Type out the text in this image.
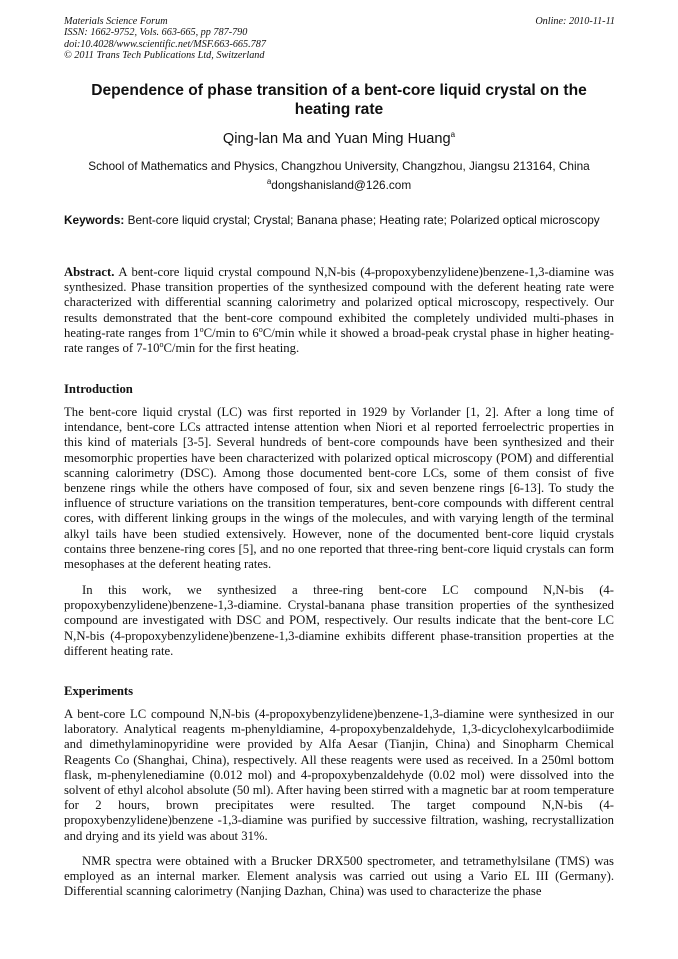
Materials Science Forum
ISSN: 1662-9752, Vols. 663-665, pp 787-790
doi:10.4028/www.scientific.net/MSF.663-665.787
© 2011 Trans Tech Publications Ltd, Switzerland
Online: 2010-11-11
Dependence of phase transition of a bent-core liquid crystal on the heating rate
Qing-lan Ma and Yuan Ming Huang$^a$
School of Mathematics and Physics, Changzhou University, Changzhou, Jiangsu 213164, China
$^a$dongshanisland@126.com
Keywords: Bent-core liquid crystal; Crystal; Banana phase; Heating rate; Polarized optical microscopy
Abstract. A bent-core liquid crystal compound N,N-bis (4-propoxybenzylidene)benzene-1,3-diamine was synthesized. Phase transition properties of the synthesized compound with the deferent heating rate were characterized with differential scanning calorimetry and polarized optical microscopy, respectively. Our results demonstrated that the bent-core compound exhibited the completely undivided multi-phases in heating-rate ranges from 1$^o$C/min to 6$^o$C/min while it showed a broad-peak crystal phase in higher heating-rate ranges of 7-10$^o$C/min for the first heating.
Introduction
The bent-core liquid crystal (LC) was first reported in 1929 by Vorlander [1, 2]. After a long time of intendance, bent-core LCs attracted intense attention when Niori et al reported ferroelectric properties in this kind of materials [3-5]. Several hundreds of bent-core compounds have been synthesized and their mesomorphic properties have been characterized with polarized optical microscopy (POM) and differential scanning calorimetry (DSC). Among those documented bent-core LCs, some of them consist of five benzene rings while the others have composed of four, six and seven benzene rings [6-13]. To study the influence of structure variations on the transition temperatures, bent-core compounds with different central cores, with different linking groups in the wings of the molecules, and with varying length of the terminal alkyl tails have been studied extensively. However, none of the documented bent-core liquid crystals contains three benzene-ring cores [5], and no one reported that three-ring bent-core liquid crystals can form mesophases at the deferent heating rates.
In this work, we synthesized a three-ring bent-core LC compound N,N-bis (4-propoxybenzylidene)benzene-1,3-diamine. Crystal-banana phase transition properties of the synthesized compound are investigated with DSC and POM, respectively. Our results indicate that the bent-core LC N,N-bis (4-propoxybenzylidene)benzene-1,3-diamine exhibits different phase-transition properties at the different heating rate.
Experiments
A bent-core LC compound N,N-bis (4-propoxybenzylidene)benzene-1,3-diamine were synthesized in our laboratory. Analytical reagents m-phenyldiamine, 4-propoxybenzaldehyde, 1,3-dicyclohexylcarbodiimide and dimethylaminopyridine were provided by Alfa Aesar (Tianjin, China) and Sinopharm Chemical Reagents Co (Shanghai, China), respectively. All these reagents were used as received. In a 250ml bottom flask, m-phenylenediamine (0.012 mol) and 4-propoxybenzaldehyde (0.02 mol) were dissolved into the solvent of ethyl alcohol absolute (50 ml). After having been stirred with a magnetic bar at room temperature for 2 hours, brown precipitates were resulted. The target compound N,N-bis (4-propoxybenzylidene)benzene -1,3-diamine was purified by successive filtration, washing, recrystallization and drying and its yield was about 31%.
NMR spectra were obtained with a Brucker DRX500 spectrometer, and tetramethylsilane (TMS) was employed as an internal marker. Element analysis was carried out using a Vario EL III (Germany). Differential scanning calorimetry (Nanjing Dazhan, China) was used to characterize the phase
